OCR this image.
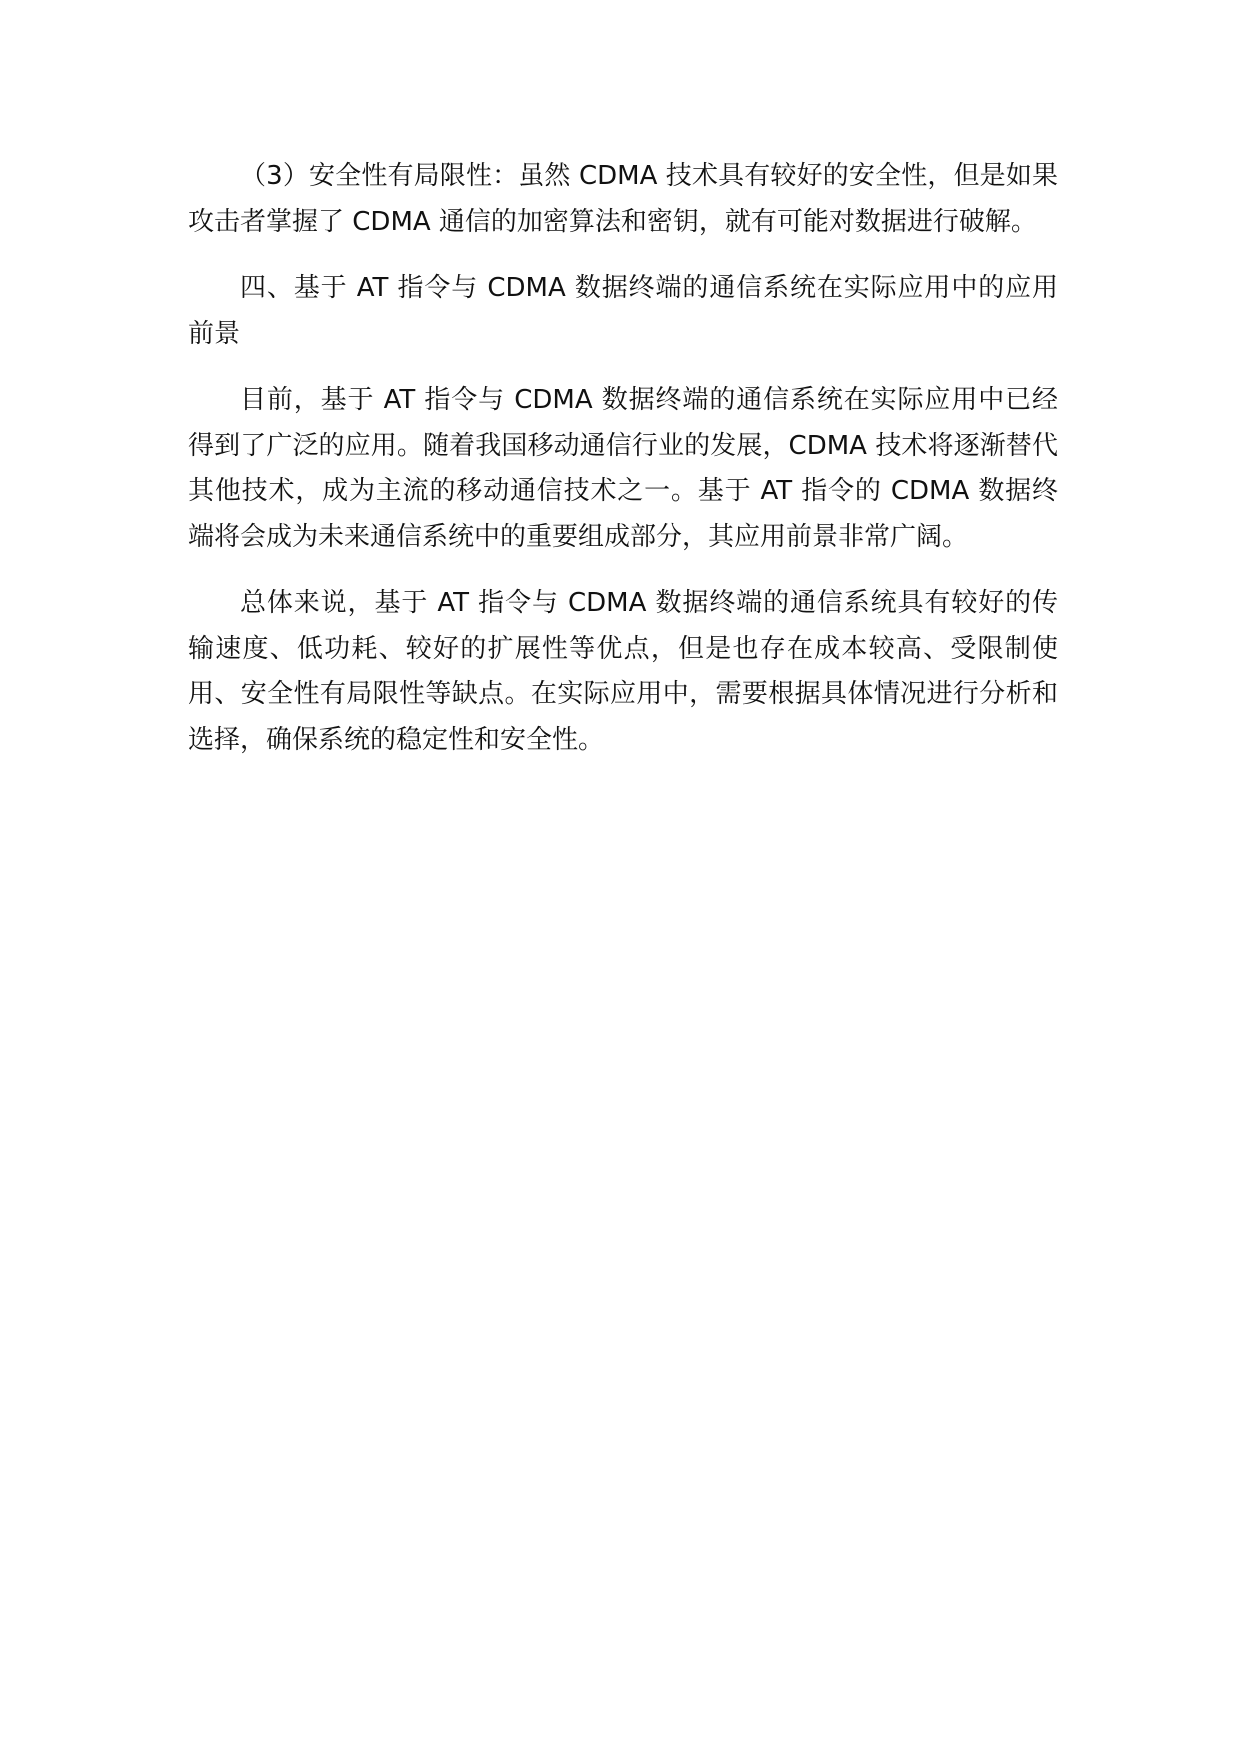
（3）安全性有局限性：虽然 CDMA 技术具有较好的安全性，但是如果攻击者掌握了 CDMA 通信的加密算法和密钥，就有可能对数据进行破解。

四、基于 AT 指令与 CDMA 数据终端的通信系统在实际应用中的应用前景

目前，基于 AT 指令与 CDMA 数据终端的通信系统在实际应用中已经得到了广泛的应用。随着我国移动通信行业的发展，CDMA 技术将逐渐替代其他技术，成为主流的移动通信技术之一。基于 AT 指令的 CDMA 数据终端将会成为未来通信系统中的重要组成部分，其应用前景非常广阔。

总体来说，基于 AT 指令与 CDMA 数据终端的通信系统具有较好的传输速度、低功耗、较好的扩展性等优点，但是也存在成本较高、受限制使用、安全性有局限性等缺点。在实际应用中，需要根据具体情况进行分析和选择，确保系统的稳定性和安全性。
